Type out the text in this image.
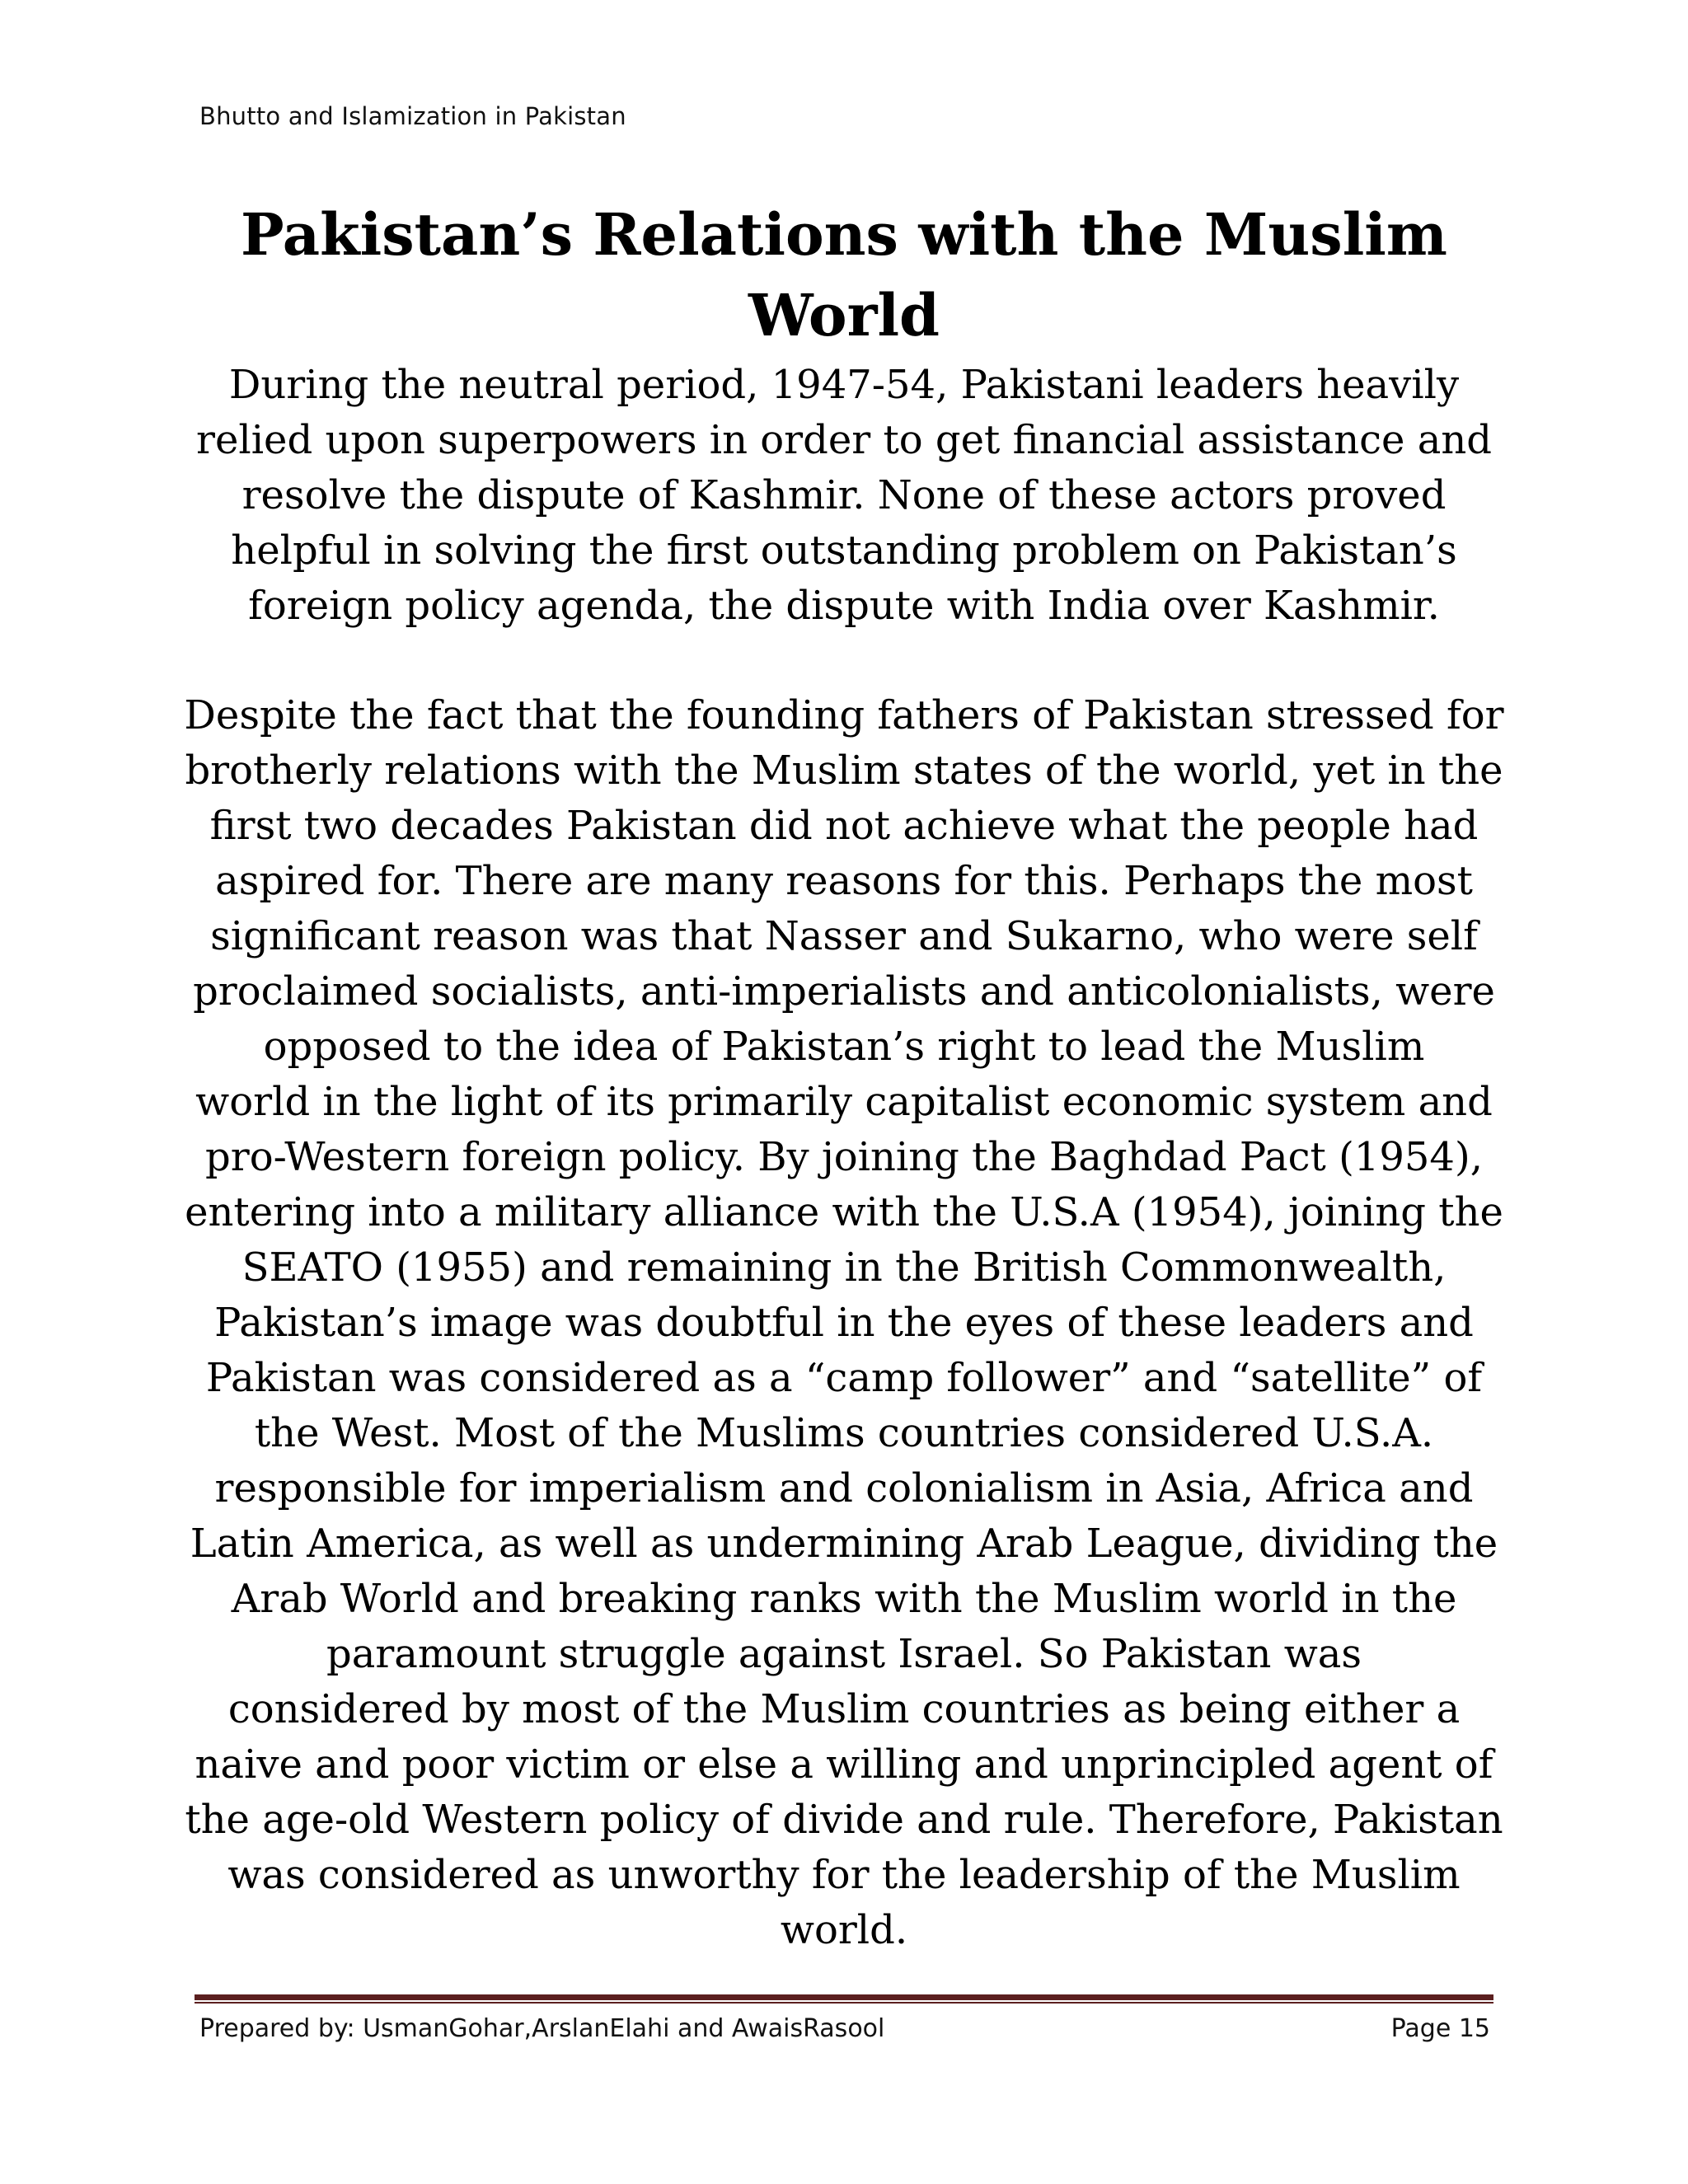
Bhutto and Islamization in Pakistan
Pakistan’s Relations with the Muslim
World
During the neutral period, 1947-54, Pakistani leaders heavily
relied upon superpowers in order to get financial assistance and
resolve the dispute of Kashmir. None of these actors proved
helpful in solving the first outstanding problem on Pakistan’s
foreign policy agenda, the dispute with India over Kashmir.
Despite the fact that the founding fathers of Pakistan stressed for
brotherly relations with the Muslim states of the world, yet in the
first two decades Pakistan did not achieve what the people had
aspired for. There are many reasons for this. Perhaps the most
significant reason was that Nasser and Sukarno, who were self
proclaimed socialists, anti-imperialists and anticolonialists, were
opposed to the idea of Pakistan’s right to lead the Muslim
world in the light of its primarily capitalist economic system and
pro-Western foreign policy. By joining the Baghdad Pact (1954),
entering into a military alliance with the U.S.A (1954), joining the
SEATO (1955) and remaining in the British Commonwealth,
Pakistan’s image was doubtful in the eyes of these leaders and
Pakistan was considered as a “camp follower” and “satellite” of
the West. Most of the Muslims countries considered U.S.A.
responsible for imperialism and colonialism in Asia, Africa and
Latin America, as well as undermining Arab League, dividing the
Arab World and breaking ranks with the Muslim world in the
paramount struggle against Israel. So Pakistan was
considered by most of the Muslim countries as being either a
naive and poor victim or else a willing and unprincipled agent of
the age-old Western policy of divide and rule. Therefore, Pakistan
was considered as unworthy for the leadership of the Muslim
world.
Prepared by: UsmanGohar,ArslanElahi and AwaisRasool	Page 15
